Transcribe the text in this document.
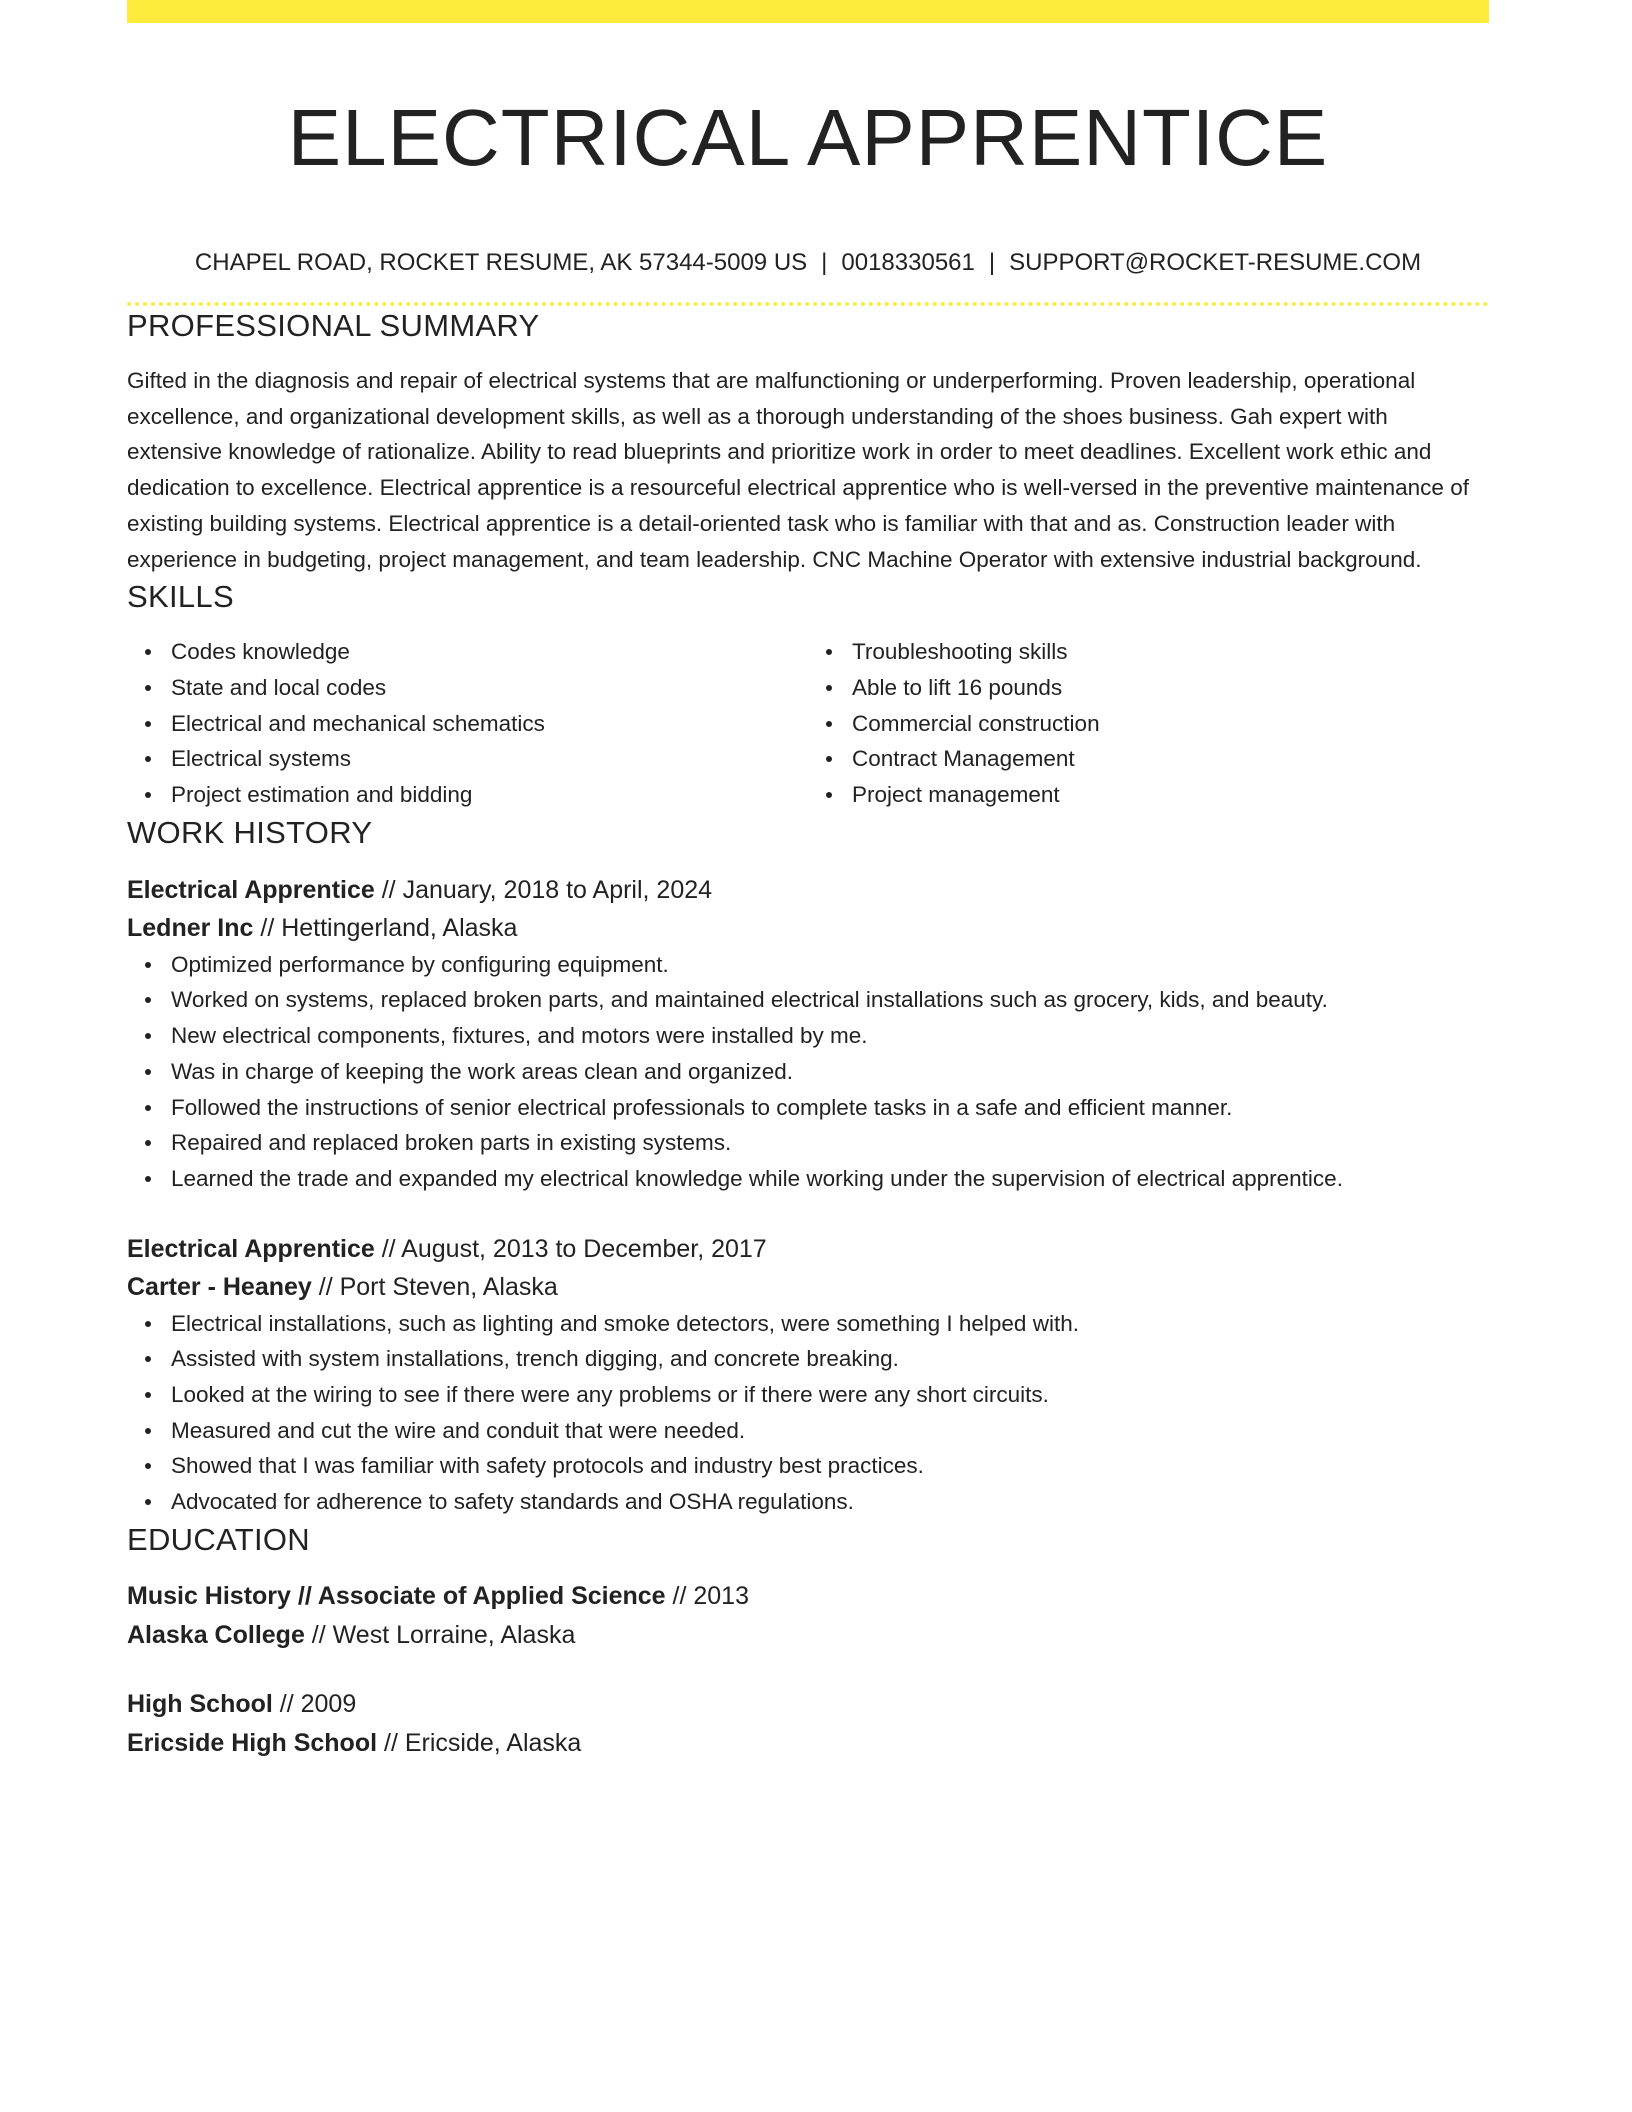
ELECTRICAL APPRENTICE
CHAPEL ROAD, ROCKET RESUME, AK 57344-5009 US | 0018330561 | SUPPORT@ROCKET-RESUME.COM
PROFESSIONAL SUMMARY

Gifted in the diagnosis and repair of electrical systems that are malfunctioning or underperforming. Proven leadership, operational excellence, and organizational development skills, as well as a thorough understanding of the shoes business. Gah expert with extensive knowledge of rationalize. Ability to read blueprints and prioritize work in order to meet deadlines. Excellent work ethic and dedication to excellence. Electrical apprentice is a resourceful electrical apprentice who is well-versed in the preventive maintenance of existing building systems. Electrical apprentice is a detail-oriented task who is familiar with that and as. Construction leader with experience in budgeting, project management, and team leadership. CNC Machine Operator with extensive industrial background.

SKILLS
Codes knowledge
State and local codes
Electrical and mechanical schematics
Electrical systems
Project estimation and bidding
Troubleshooting skills
Able to lift 16 pounds
Commercial construction
Contract Management
Project management
WORK HISTORY
Electrical Apprentice // January, 2018 to April, 2024
Ledner Inc // Hettingerland, Alaska
Optimized performance by configuring equipment.
Worked on systems, replaced broken parts, and maintained electrical installations such as grocery, kids, and beauty.
New electrical components, fixtures, and motors were installed by me.
Was in charge of keeping the work areas clean and organized.
Followed the instructions of senior electrical professionals to complete tasks in a safe and efficient manner.
Repaired and replaced broken parts in existing systems.
Learned the trade and expanded my electrical knowledge while working under the supervision of electrical apprentice.
Electrical Apprentice // August, 2013 to December, 2017
Carter - Heaney // Port Steven, Alaska
Electrical installations, such as lighting and smoke detectors, were something I helped with.
Assisted with system installations, trench digging, and concrete breaking.
Looked at the wiring to see if there were any problems or if there were any short circuits.
Measured and cut the wire and conduit that were needed.
Showed that I was familiar with safety protocols and industry best practices.
Advocated for adherence to safety standards and OSHA regulations.
EDUCATION
Music History // Associate of Applied Science // 2013
Alaska College // West Lorraine, Alaska
High School // 2009
Ericside High School // Ericside, Alaska
